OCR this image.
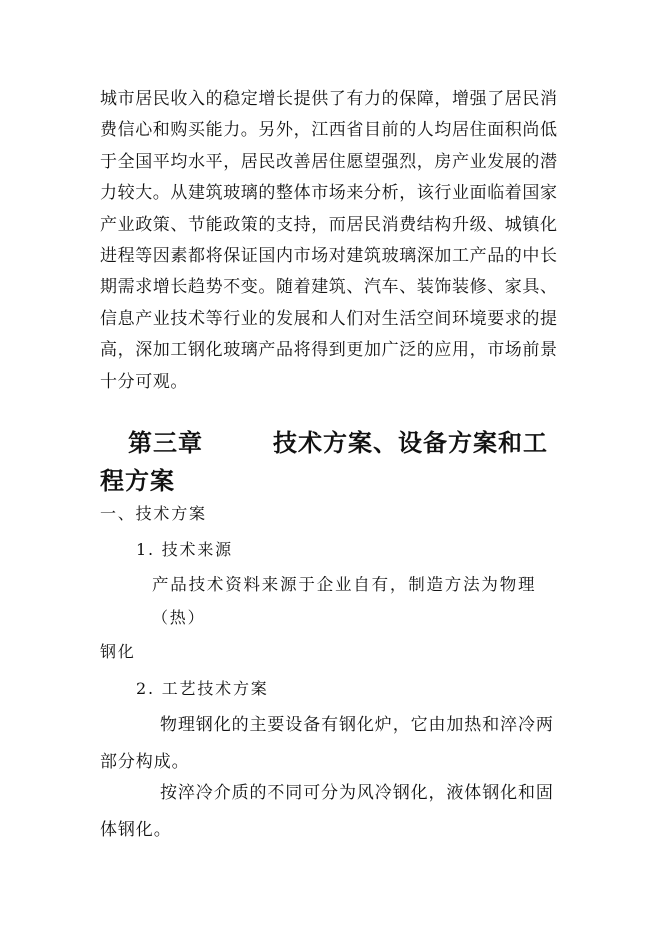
城市居民收入的稳定增长提供了有力的保障，增强了居民消费信心和购买能力。另外，江西省目前的人均居住面积尚低于全国平均水平，居民改善居住愿望强烈，房产业发展的潜力较大。从建筑玻璃的整体市场来分析，该行业面临着国家产业政策、节能政策的支持，而居民消费结构升级、城镇化进程等因素都将保证国内市场对建筑玻璃深加工产品的中长期需求增长趋势不变。随着建筑、汽车、装饰装修、家具、信息产业技术等行业的发展和人们对生活空间环境要求的提高，深加工钢化玻璃产品将得到更加广泛的应用，市场前景十分可观。

第三章	技术方案、设备方案和工程方案

一、技术方案

1. 技术来源

产品技术资料来源于企业自有，制造方法为物理

（热）

钢化

2. 工艺技术方案

物理钢化的主要设备有钢化炉，它由加热和淬冷两部分构成。

按淬冷介质的不同可分为风冷钢化，液体钢化和固体钢化。
